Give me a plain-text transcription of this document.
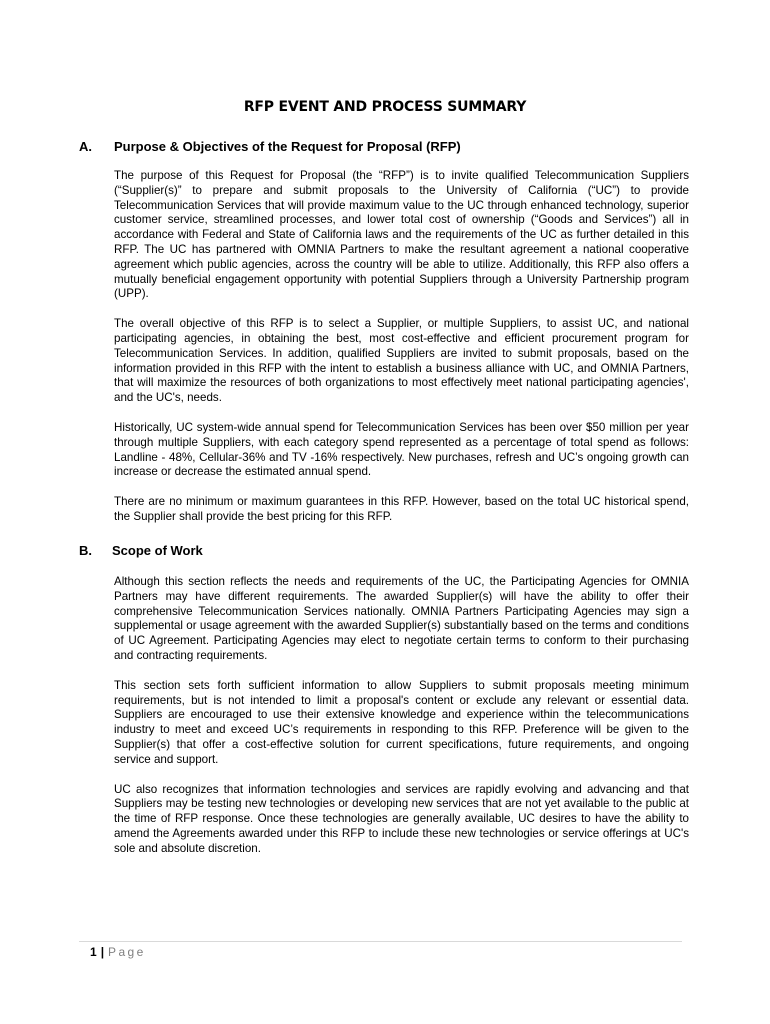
RFP EVENT AND PROCESS SUMMARY
A. Purpose & Objectives of the Request for Proposal (RFP)

The purpose of this Request for Proposal (the “RFP”) is to invite qualified Telecommunication Suppliers (“Supplier(s)” to prepare and submit proposals to the University of California (“UC”) to provide Telecommunication Services that will provide maximum value to the UC through enhanced technology, superior customer service, streamlined processes, and lower total cost of ownership (“Goods and Services”) all in accordance with Federal and State of California laws and the requirements of the UC as further detailed in this RFP. The UC has partnered with OMNIA Partners to make the resultant agreement a national cooperative agreement which public agencies, across the country will be able to utilize. Additionally, this RFP also offers a mutually beneficial engagement opportunity with potential Suppliers through a University Partnership program (UPP).

The overall objective of this RFP is to select a Supplier, or multiple Suppliers, to assist UC, and national participating agencies, in obtaining the best, most cost-effective and efficient procurement program for Telecommunication Services. In addition, qualified Suppliers are invited to submit proposals, based on the information provided in this RFP with the intent to establish a business alliance with UC, and OMNIA Partners, that will maximize the resources of both organizations to most effectively meet national participating agencies', and the UC's, needs.

Historically, UC system-wide annual spend for Telecommunication Services has been over $50 million per year through multiple Suppliers, with each category spend represented as a percentage of total spend as follows: Landline - 48%, Cellular-36% and TV -16% respectively. New purchases, refresh and UC’s ongoing growth can increase or decrease the estimated annual spend.

There are no minimum or maximum guarantees in this RFP. However, based on the total UC historical spend, the Supplier shall provide the best pricing for this RFP.

B. Scope of Work

Although this section reflects the needs and requirements of the UC, the Participating Agencies for OMNIA Partners may have different requirements. The awarded Supplier(s) will have the ability to offer their comprehensive Telecommunication Services nationally. OMNIA Partners Participating Agencies may sign a supplemental or usage agreement with the awarded Supplier(s) substantially based on the terms and conditions of UC Agreement. Participating Agencies may elect to negotiate certain terms to conform to their purchasing and contracting requirements.

This section sets forth sufficient information to allow Suppliers to submit proposals meeting minimum requirements, but is not intended to limit a proposal's content or exclude any relevant or essential data. Suppliers are encouraged to use their extensive knowledge and experience within the telecommunications industry to meet and exceed UC’s requirements in responding to this RFP. Preference will be given to the Supplier(s) that offer a cost-effective solution for current specifications, future requirements, and ongoing service and support.

UC also recognizes that information technologies and services are rapidly evolving and advancing and that Suppliers may be testing new technologies or developing new services that are not yet available to the public at the time of RFP response. Once these technologies are generally available, UC desires to have the ability to amend the Agreements awarded under this RFP to include these new technologies or service offerings at UC's sole and absolute discretion.

1 | Page
